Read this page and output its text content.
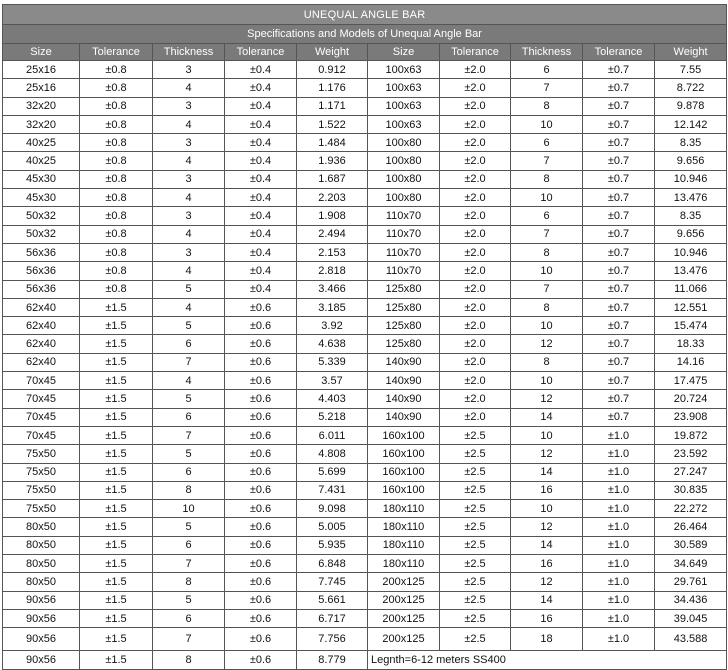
UNEQUAL ANGLE BAR									
Specifications and Models of Unequal Angle Bar									
Size	Tolerance	Thickness	Tolerance	Weight	Size	Tolerance	Thickness	Tolerance	Weight
25x16	±0.8	3	±0.4	0.912	100x63	±2.0	6	±0.7	7.55
25x16	±0.8	4	±0.4	1.176	100x63	±2.0	7	±0.7	8.722
32x20	±0.8	3	±0.4	1.171	100x63	±2.0	8	±0.7	9.878
32x20	±0.8	4	±0.4	1.522	100x63	±2.0	10	±0.7	12.142
40x25	±0.8	3	±0.4	1.484	100x80	±2.0	6	±0.7	8.35
40x25	±0.8	4	±0.4	1.936	100x80	±2.0	7	±0.7	9.656
45x30	±0.8	3	±0.4	1.687	100x80	±2.0	8	±0.7	10.946
45x30	±0.8	4	±0.4	2.203	100x80	±2.0	10	±0.7	13.476
50x32	±0.8	3	±0.4	1.908	110x70	±2.0	6	±0.7	8.35
50x32	±0.8	4	±0.4	2.494	110x70	±2.0	7	±0.7	9.656
56x36	±0.8	3	±0.4	2.153	110x70	±2.0	8	±0.7	10.946
56x36	±0.8	4	±0.4	2.818	110x70	±2.0	10	±0.7	13.476
56x36	±0.8	5	±0.4	3.466	125x80	±2.0	7	±0.7	11.066
62x40	±1.5	4	±0.6	3.185	125x80	±2.0	8	±0.7	12.551
62x40	±1.5	5	±0.6	3.92	125x80	±2.0	10	±0.7	15.474
62x40	±1.5	6	±0.6	4.638	125x80	±2.0	12	±0.7	18.33
62x40	±1.5	7	±0.6	5.339	140x90	±2.0	8	±0.7	14.16
70x45	±1.5	4	±0.6	3.57	140x90	±2.0	10	±0.7	17.475
70x45	±1.5	5	±0.6	4.403	140x90	±2.0	12	±0.7	20.724
70x45	±1.5	6	±0.6	5.218	140x90	±2.0	14	±0.7	23.908
70x45	±1.5	7	±0.6	6.011	160x100	±2.5	10	±1.0	19.872
75x50	±1.5	5	±0.6	4.808	160x100	±2.5	12	±1.0	23.592
75x50	±1.5	6	±0.6	5.699	160x100	±2.5	14	±1.0	27.247
75x50	±1.5	8	±0.6	7.431	160x100	±2.5	16	±1.0	30.835
75x50	±1.5	10	±0.6	9.098	180x110	±2.5	10	±1.0	22.272
80x50	±1.5	5	±0.6	5.005	180x110	±2.5	12	±1.0	26.464
80x50	±1.5	6	±0.6	5.935	180x110	±2.5	14	±1.0	30.589
80x50	±1.5	7	±0.6	6.848	180x110	±2.5	16	±1.0	34.649
80x50	±1.5	8	±0.6	7.745	200x125	±2.5	12	±1.0	29.761
90x56	±1.5	5	±0.6	5.661	200x125	±2.5	14	±1.0	34.436
90x56	±1.5	6	±0.6	6.717	200x125	±2.5	16	±1.0	39.045
90x56	±1.5	7	±0.6	7.756	200x125	±2.5	18	±1.0	43.588
90x56	±1.5	8	±0.6	8.779	Legnth=6-12 meters SS400				
